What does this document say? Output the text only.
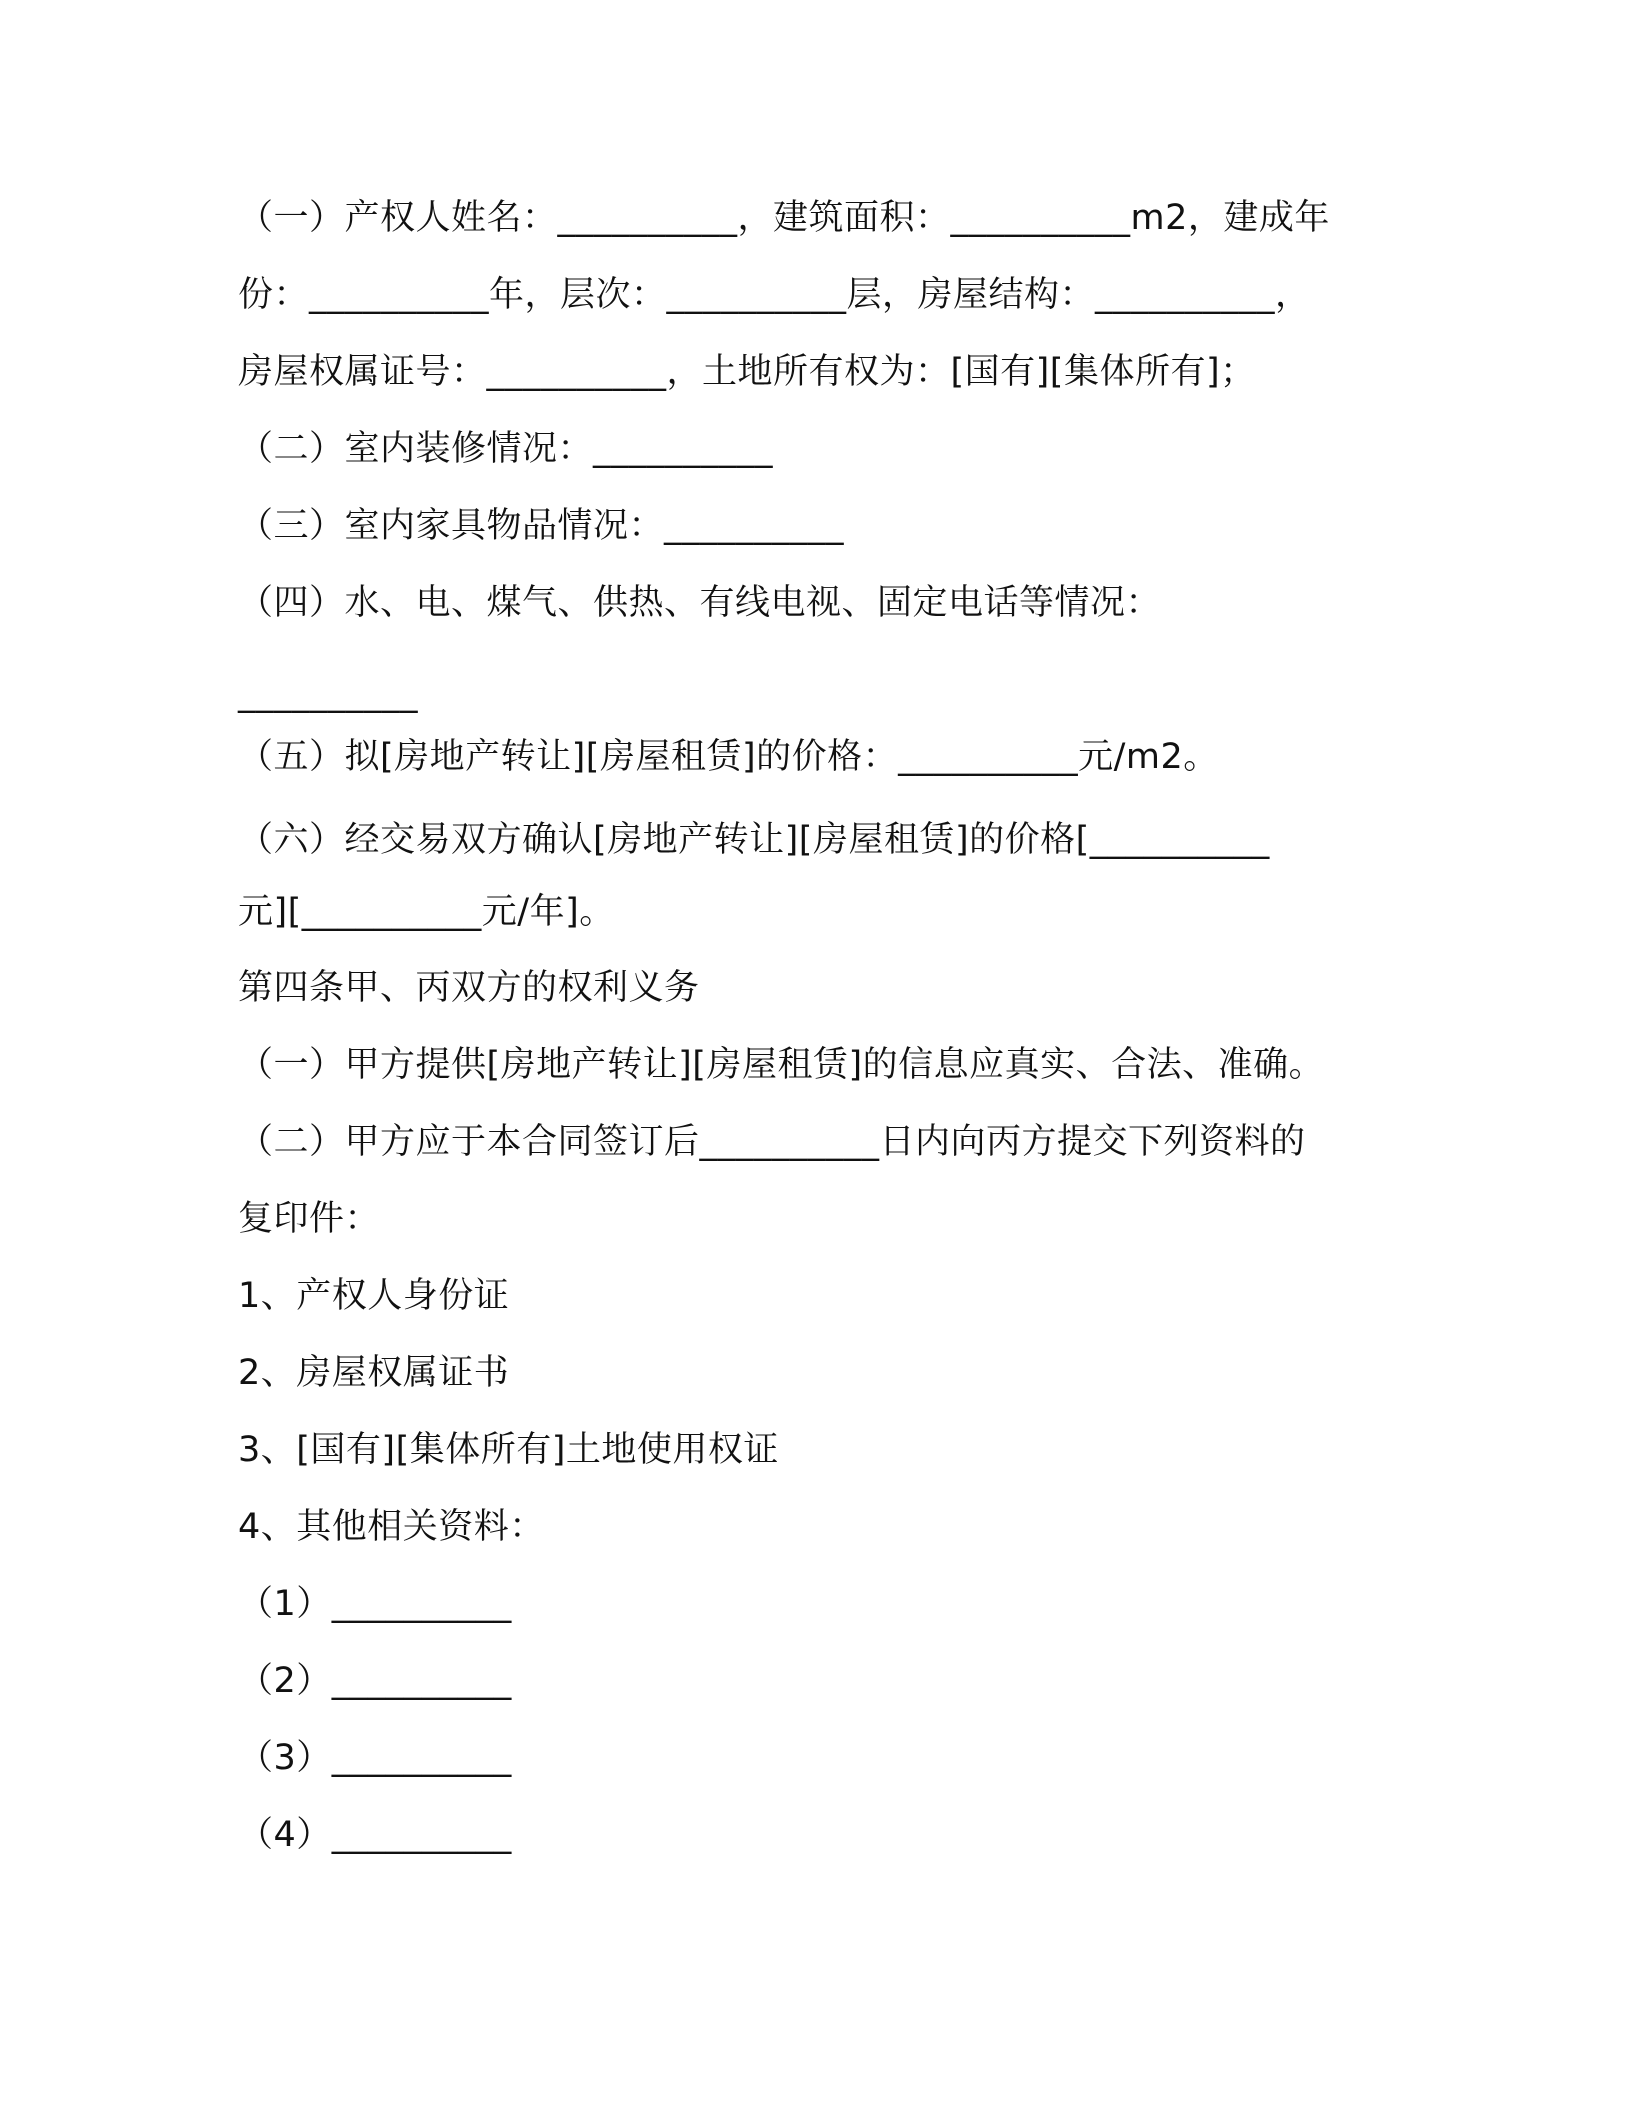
（一）产权人姓名：__________，建筑面积：__________m2，建成年
份：__________年，层次：__________层，房屋结构：__________，
房屋权属证号：__________，土地所有权为：[国有][集体所有]；
（二）室内装修情况：__________
（三）室内家具物品情况：__________
（四）水、电、煤气、供热、有线电视、固定电话等情况：
__________
（五）拟[房地产转让][房屋租赁]的价格：__________元/m2。
（六）经交易双方确认[房地产转让][房屋租赁]的价格[__________
元][__________元/年]。
第四条甲、丙双方的权利义务
（一）甲方提供[房地产转让][房屋租赁]的信息应真实、合法、准确。
（二）甲方应于本合同签订后__________日内向丙方提交下列资料的
复印件：
1、产权人身份证
2、房屋权属证书
3、[国有][集体所有]土地使用权证
4、其他相关资料：
（1）__________
（2）__________
（3）__________
（4）__________
